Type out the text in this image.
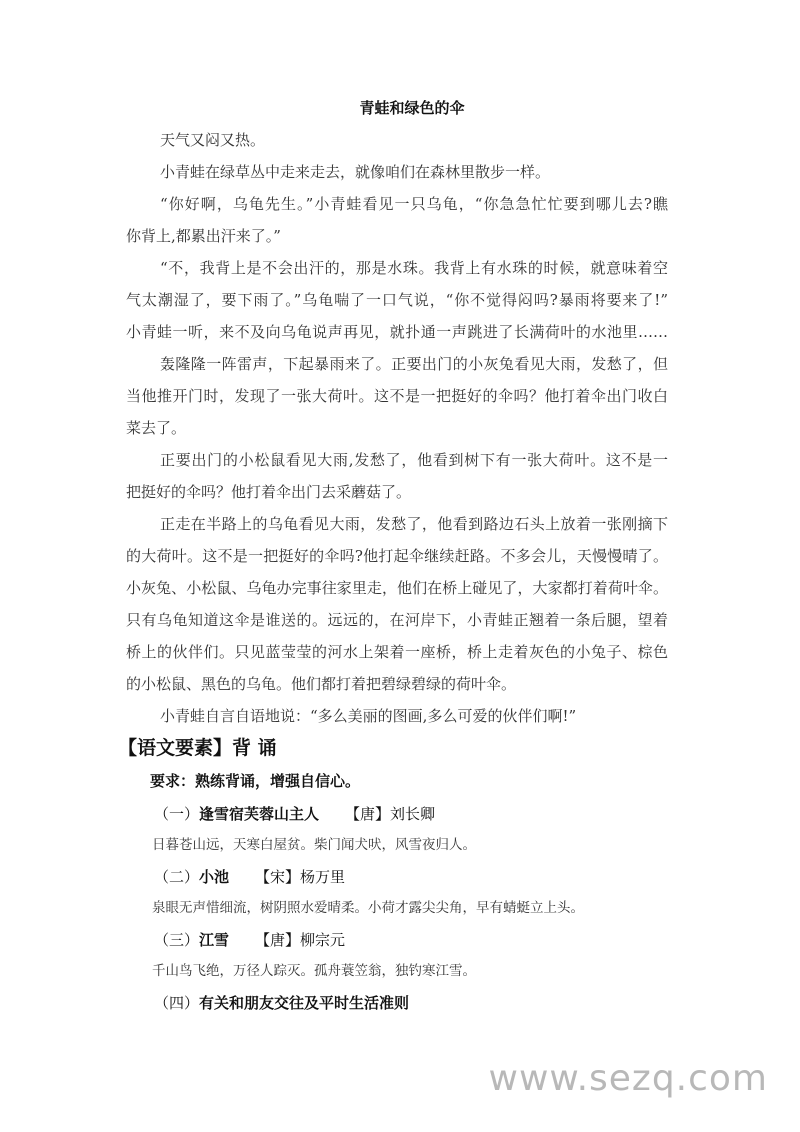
青蛙和绿色的伞
天气又闷又热。
小青蛙在绿草丛中走来走去，就像咱们在森林里散步一样。
“你好啊，乌龟先生。”小青蛙看见一只乌龟，“你急急忙忙要到哪儿去?瞧
你背上,都累出汗来了。”
“不，我背上是不会出汗的，那是水珠。我背上有水珠的时候，就意味着空
气太潮湿了，要下雨了。”乌龟喘了一口气说，“你不觉得闷吗?暴雨将要来了!”
小青蛙一听，来不及向乌龟说声再见，就扑通一声跳进了长满荷叶的水池里……
轰隆隆一阵雷声，下起暴雨来了。正要出门的小灰兔看见大雨，发愁了，但
当他推开门时，发现了一张大荷叶。这不是一把挺好的伞吗？他打着伞出门收白
菜去了。
正要出门的小松鼠看见大雨,发愁了，他看到树下有一张大荷叶。这不是一
把挺好的伞吗？他打着伞出门去采蘑菇了。
正走在半路上的乌龟看见大雨，发愁了，他看到路边石头上放着一张刚摘下
的大荷叶。这不是一把挺好的伞吗?他打起伞继续赶路。不多会儿，天慢慢晴了。
小灰兔、小松鼠、乌龟办完事往家里走，他们在桥上碰见了，大家都打着荷叶伞。
只有乌龟知道这伞是谁送的。远远的，在河岸下，小青蛙正翘着一条后腿，望着
桥上的伙伴们。只见蓝莹莹的河水上架着一座桥，桥上走着灰色的小兔子、棕色
的小松鼠、黑色的乌龟。他们都打着把碧绿碧绿的荷叶伞。
小青蛙自言自语地说：“多么美丽的图画,多么可爱的伙伴们啊!”
【语文要素】背 诵
要求：熟练背诵，增强自信心。
（一）逢雪宿芙蓉山主人 【唐】刘长卿
日暮苍山远，天寒白屋贫。柴门闻犬吠，风雪夜归人。
（二）小池 【宋】杨万里
泉眼无声惜细流，树阴照水爱晴柔。小荷才露尖尖角，早有蜻蜓立上头。
（三）江雪 【唐】柳宗元
千山鸟飞绝，万径人踪灭。孤舟蓑笠翁，独钓寒江雪。
（四）有关和朋友交往及平时生活准则
www.sezq.com
